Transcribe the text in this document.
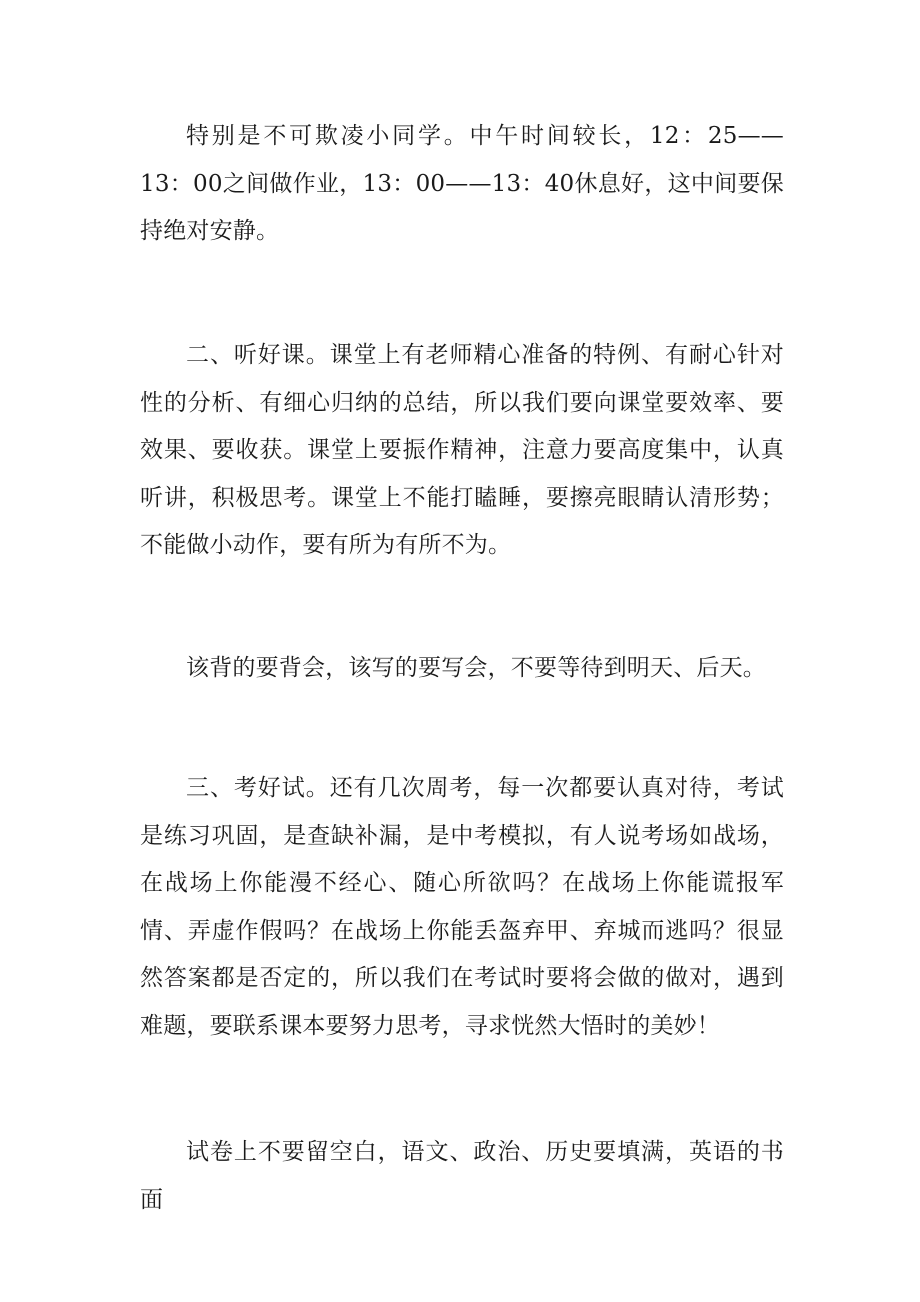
特别是不可欺凌小同学。中午时间较长，12：25——13：00之间做作业，13：00——13：40休息好，这中间要保持绝对安静。

二、听好课。课堂上有老师精心准备的特例、有耐心针对性的分析、有细心归纳的总结，所以我们要向课堂要效率、要效果、要收获。课堂上要振作精神，注意力要高度集中，认真听讲，积极思考。课堂上不能打瞌睡，要擦亮眼睛认清形势；不能做小动作，要有所为有所不为。

该背的要背会，该写的要写会，不要等待到明天、后天。

三、考好试。还有几次周考，每一次都要认真对待，考试是练习巩固，是查缺补漏，是中考模拟，有人说考场如战场，在战场上你能漫不经心、随心所欲吗？在战场上你能谎报军情、弄虚作假吗？在战场上你能丢盔弃甲、弃城而逃吗？很显然答案都是否定的，所以我们在考试时要将会做的做对，遇到难题，要联系课本要努力思考，寻求恍然大悟时的美妙！

试卷上不要留空白，语文、政治、历史要填满，英语的书面
